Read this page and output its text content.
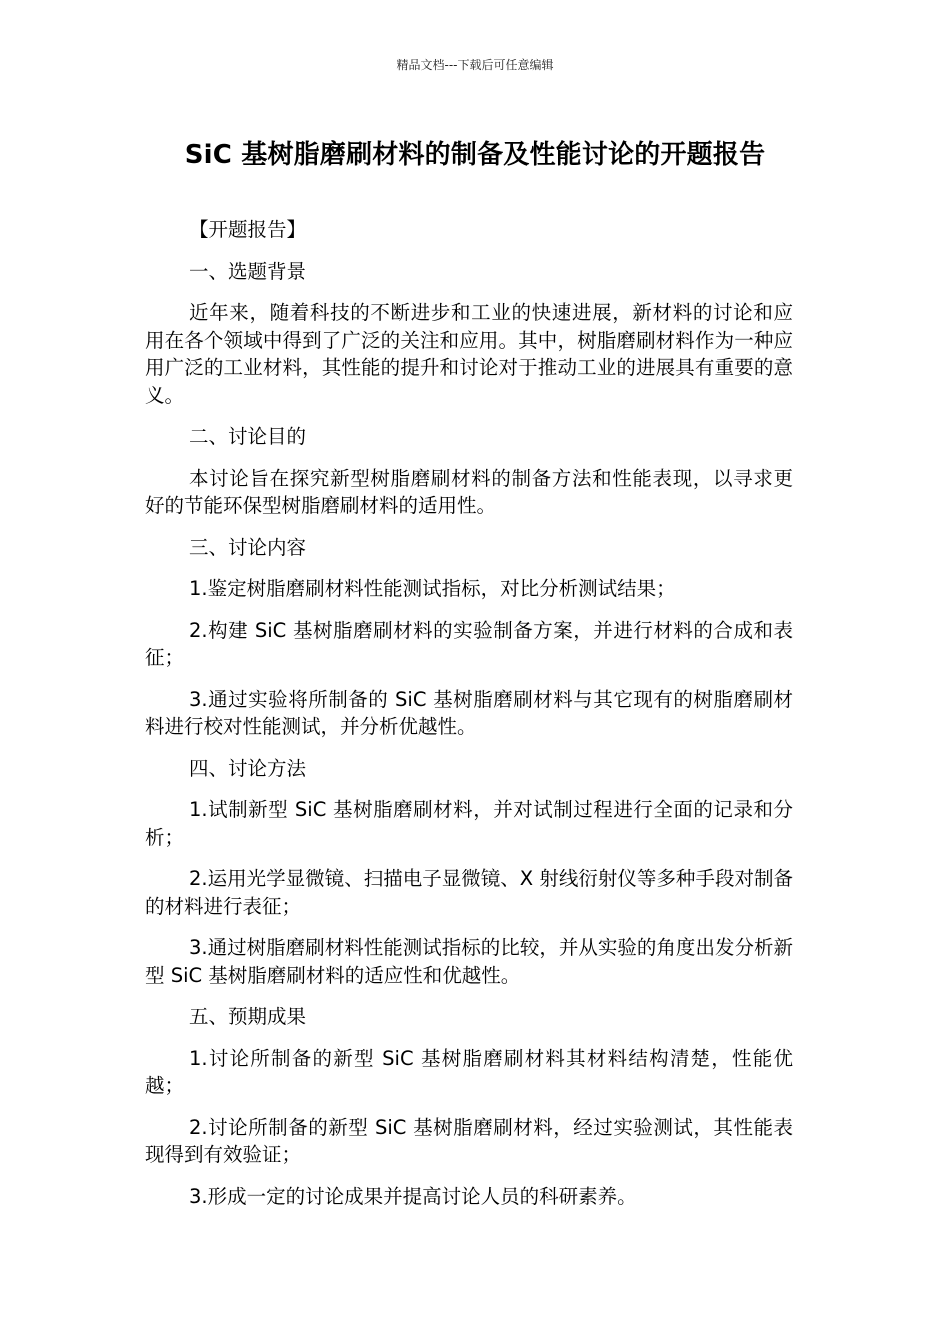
精品文档---下载后可任意编辑
SiC 基树脂磨刷材料的制备及性能讨论的开题报告

【开题报告】

一、选题背景

近年来，随着科技的不断进步和工业的快速进展，新材料的讨论和应用在各个领域中得到了广泛的关注和应用。其中，树脂磨刷材料作为一种应用广泛的工业材料，其性能的提升和讨论对于推动工业的进展具有重要的意义。

二、讨论目的

本讨论旨在探究新型树脂磨刷材料的制备方法和性能表现，以寻求更好的节能环保型树脂磨刷材料的适用性。

三、讨论内容

1.鉴定树脂磨刷材料性能测试指标，对比分析测试结果；

2.构建 SiC 基树脂磨刷材料的实验制备方案，并进行材料的合成和表征；

3.通过实验将所制备的 SiC 基树脂磨刷材料与其它现有的树脂磨刷材料进行校对性能测试，并分析优越性。

四、讨论方法

1.试制新型 SiC 基树脂磨刷材料，并对试制过程进行全面的记录和分析；

2.运用光学显微镜、扫描电子显微镜、X 射线衍射仪等多种手段对制备的材料进行表征；

3.通过树脂磨刷材料性能测试指标的比较，并从实验的角度出发分析新型 SiC 基树脂磨刷材料的适应性和优越性。

五、预期成果

1.讨论所制备的新型 SiC 基树脂磨刷材料其材料结构清楚，性能优越；

2.讨论所制备的新型 SiC 基树脂磨刷材料，经过实验测试，其性能表现得到有效验证；

3.形成一定的讨论成果并提高讨论人员的科研素养。
